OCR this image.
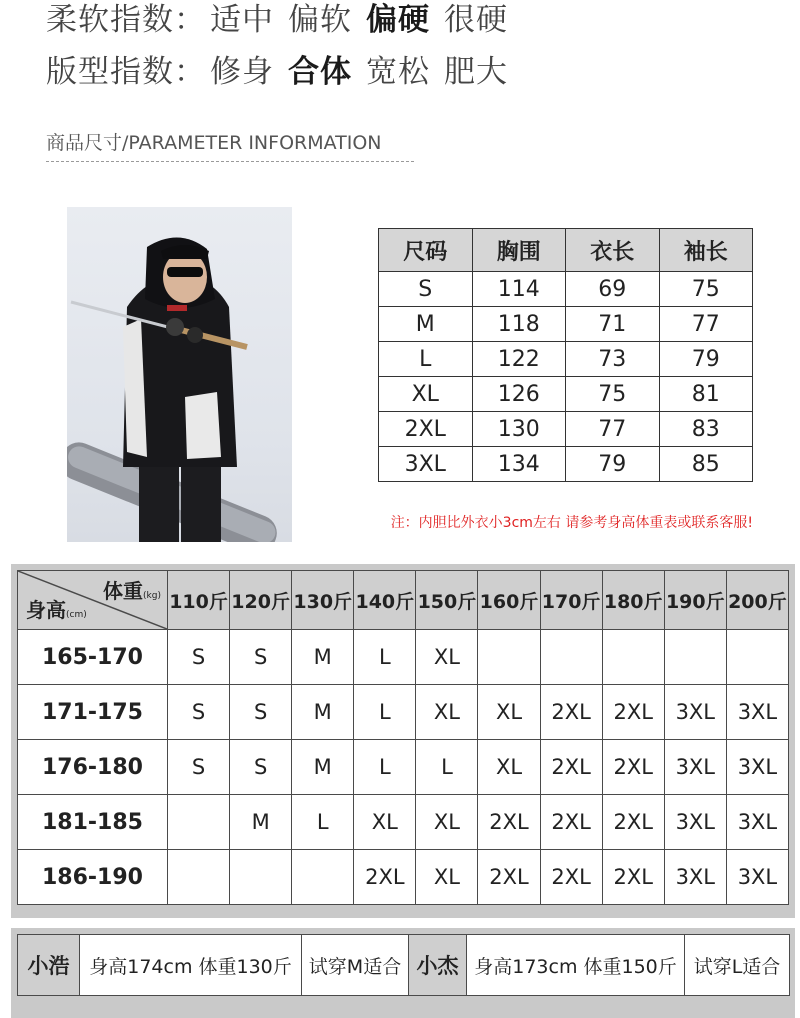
柔软指数： 适中 偏软 偏硬 很硬
版型指数： 修身 合体 宽松 肥大
商品尺寸/PARAMETER INFORMATION
尺码	胸围	衣长	袖长
S	114	69	75
M	118	71	77
L	122	73	79
XL	126	75	81
2XL	130	77	83
3XL	134	79	85
注：内胆比外衣小3cm左右 请参考身高体重表或联系客服!
体重(kg)
身高(cm)	110斤	120斤	130斤	140斤	150斤	160斤	170斤	180斤	190斤	200斤
165-170	S	S	M	L	XL					
171-175	S	S	M	L	XL	XL	2XL	2XL	3XL	3XL
176-180	S	S	M	L	L	XL	2XL	2XL	3XL	3XL
181-185		M	L	XL	XL	2XL	2XL	2XL	3XL	3XL
186-190				2XL	XL	2XL	2XL	2XL	3XL	3XL
小浩	身高174cm 体重130斤	试穿M适合	小杰	身高173cm 体重150斤	试穿L适合
